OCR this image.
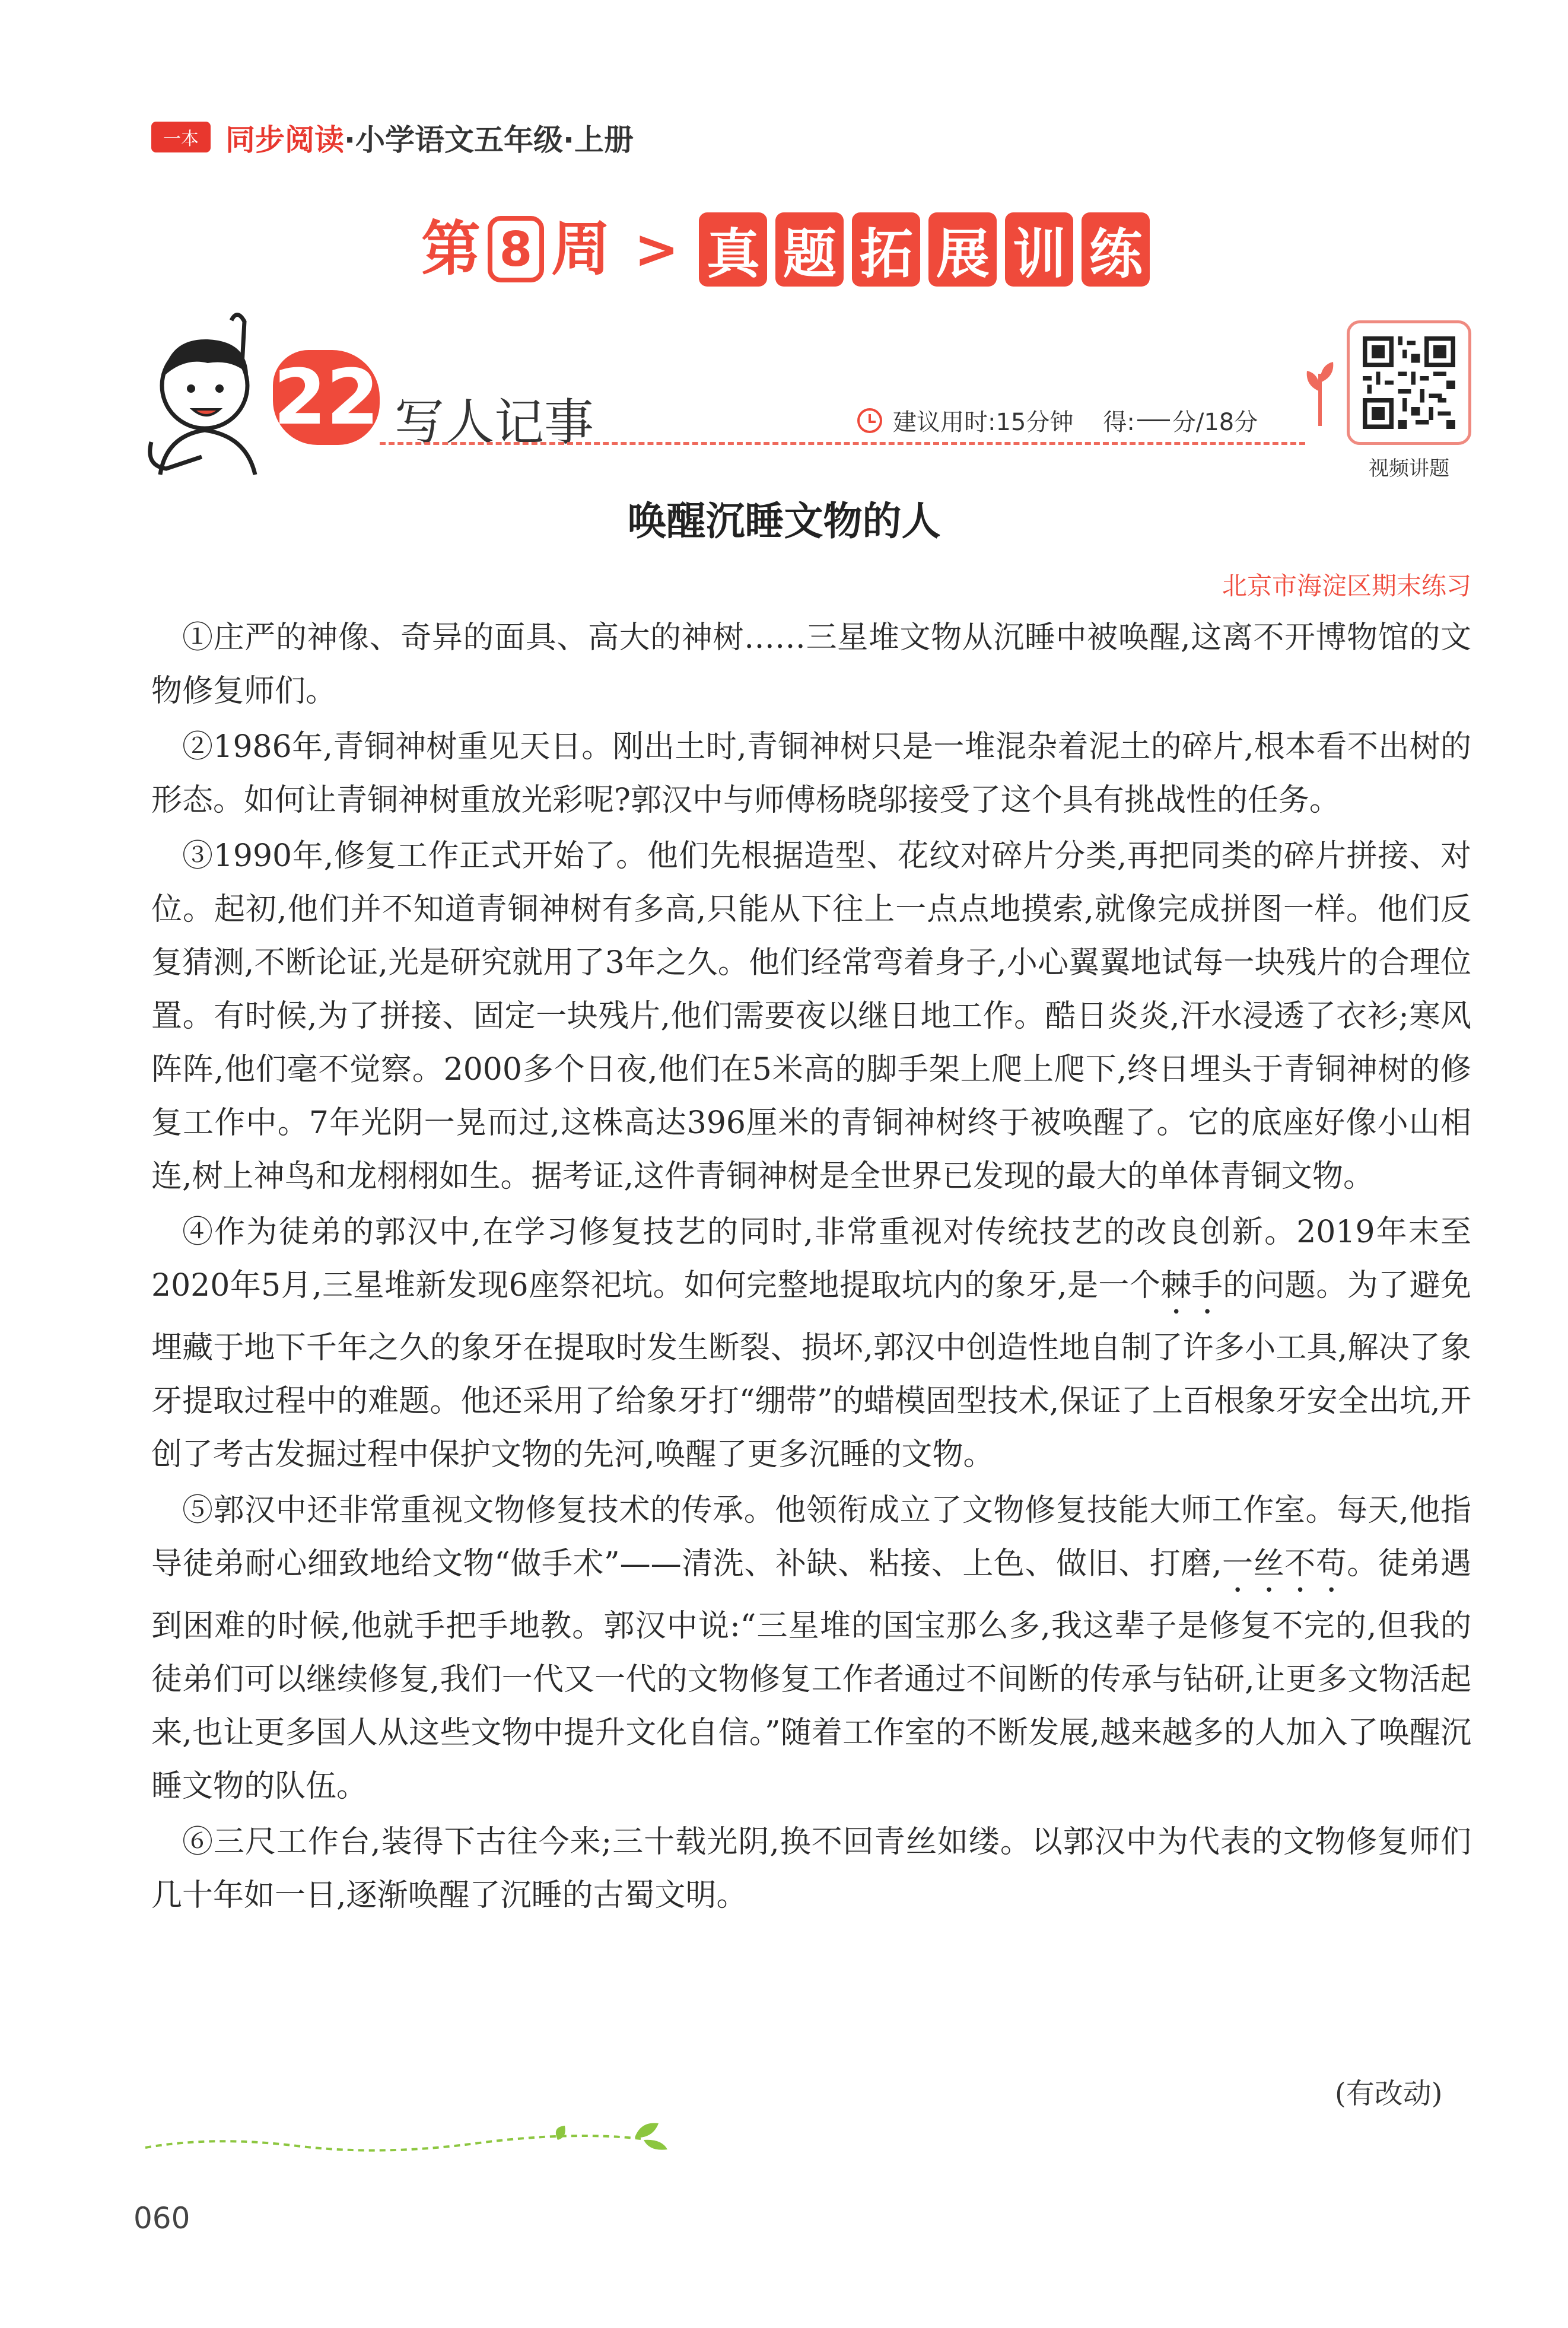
一本 同步阅读·小学语文五年级·上册
第 8 周 > 真 题 拓 展 训 练
22 写人记事	建议用时:15分钟 得: 分/18分
视频讲题
唤醒沉睡文物的人
北京市海淀区期末练习

①庄严的神像、奇异的面具、高大的神树……三星堆文物从沉睡中被唤醒,这离不开博物馆的文物修复师们。

②1986年,青铜神树重见天日。刚出土时,青铜神树只是一堆混杂着泥土的碎片,根本看不出树的形态。如何让青铜神树重放光彩呢?郭汉中与师傅杨晓邬接受了这个具有挑战性的任务。

③1990年,修复工作正式开始了。他们先根据造型、花纹对碎片分类,再把同类的碎片拼接、对位。起初,他们并不知道青铜神树有多高,只能从下往上一点点地摸索,就像完成拼图一样。他们反复猜测,不断论证,光是研究就用了3年之久。他们经常弯着身子,小心翼翼地试每一块残片的合理位置。有时候,为了拼接、固定一块残片,他们需要夜以继日地工作。酷日炎炎,汗水浸透了衣衫;寒风阵阵,他们毫不觉察。2000多个日夜,他们在5米高的脚手架上爬上爬下,终日埋头于青铜神树的修复工作中。7年光阴一晃而过,这株高达396厘米的青铜神树终于被唤醒了。它的底座好像小山相连,树上神鸟和龙栩栩如生。据考证,这件青铜神树是全世界已发现的最大的单体青铜文物。

④作为徒弟的郭汉中,在学习修复技艺的同时,非常重视对传统技艺的改良创新。2019年末至2020年5月,三星堆新发现6座祭祀坑。如何完整地提取坑内的象牙,是一个棘手的问题。为了避免埋藏于地下千年之久的象牙在提取时发生断裂、损坏,郭汉中创造性地自制了许多小工具,解决了象牙提取过程中的难题。他还采用了给象牙打“绷带”的蜡模固型技术,保证了上百根象牙安全出坑,开创了考古发掘过程中保护文物的先河,唤醒了更多沉睡的文物。

⑤郭汉中还非常重视文物修复技术的传承。他领衔成立了文物修复技能大师工作室。每天,他指导徒弟耐心细致地给文物“做手术”——清洗、补缺、粘接、上色、做旧、打磨,一丝不苟。徒弟遇到困难的时候,他就手把手地教。郭汉中说:“三星堆的国宝那么多,我这辈子是修复不完的,但我的徒弟们可以继续修复,我们一代又一代的文物修复工作者通过不间断的传承与钻研,让更多文物活起来,也让更多国人从这些文物中提升文化自信。”随着工作室的不断发展,越来越多的人加入了唤醒沉睡文物的队伍。

⑥三尺工作台,装得下古往今来;三十载光阴,换不回青丝如缕。以郭汉中为代表的文物修复师们几十年如一日,逐渐唤醒了沉睡的古蜀文明。

(有改动)
060
